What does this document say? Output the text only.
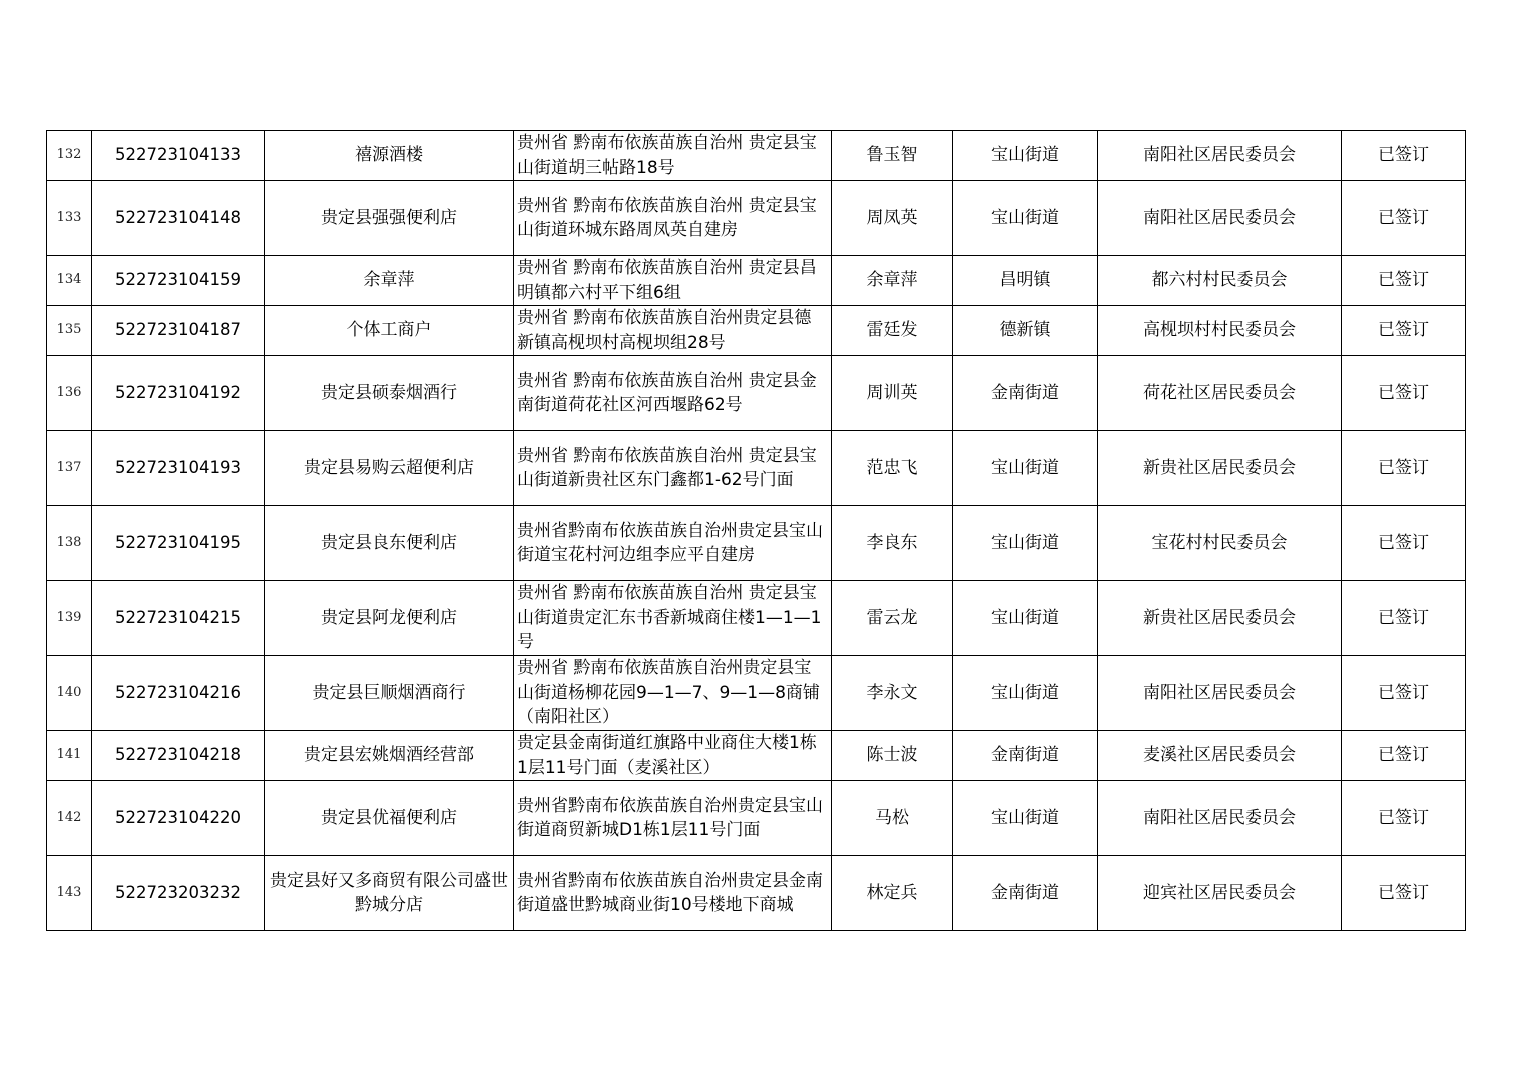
132	522723104133	禧源酒楼	贵州省 黔南布依族苗族自治州 贵定县宝山街道胡三帖路18号	鲁玉智	宝山街道	南阳社区居民委员会	已签订
133	522723104148	贵定县强强便利店	贵州省 黔南布依族苗族自治州 贵定县宝山街道环城东路周凤英自建房	周凤英	宝山街道	南阳社区居民委员会	已签订
134	522723104159	余章萍	贵州省 黔南布依族苗族自治州 贵定县昌明镇都六村平下组6组	余章萍	昌明镇	都六村村民委员会	已签订
135	522723104187	个体工商户	贵州省 黔南布依族苗族自治州贵定县德新镇高枧坝村高枧坝组28号	雷廷发	德新镇	高枧坝村村民委员会	已签订
136	522723104192	贵定县硕泰烟酒行	贵州省 黔南布依族苗族自治州 贵定县金南街道荷花社区河西堰路62号	周训英	金南街道	荷花社区居民委员会	已签订
137	522723104193	贵定县易购云超便利店	贵州省 黔南布依族苗族自治州 贵定县宝山街道新贵社区东门鑫都1-62号门面	范忠飞	宝山街道	新贵社区居民委员会	已签订
138	522723104195	贵定县良东便利店	贵州省黔南布依族苗族自治州贵定县宝山街道宝花村河边组李应平自建房	李良东	宝山街道	宝花村村民委员会	已签订
139	522723104215	贵定县阿龙便利店	贵州省 黔南布依族苗族自治州 贵定县宝山街道贵定汇东书香新城商住楼1—1—1号	雷云龙	宝山街道	新贵社区居民委员会	已签订
140	522723104216	贵定县巨顺烟酒商行	贵州省 黔南布依族苗族自治州贵定县宝山街道杨柳花园9—1—7、9—1—8商铺（南阳社区）	李永文	宝山街道	南阳社区居民委员会	已签订
141	522723104218	贵定县宏姚烟酒经营部	贵定县金南街道红旗路中业商住大楼1栋1层11号门面（麦溪社区）	陈士波	金南街道	麦溪社区居民委员会	已签订
142	522723104220	贵定县优福便利店	贵州省黔南布依族苗族自治州贵定县宝山街道商贸新城D1栋1层11号门面	马松	宝山街道	南阳社区居民委员会	已签订
143	522723203232	贵定县好又多商贸有限公司盛世黔城分店	贵州省黔南布依族苗族自治州贵定县金南街道盛世黔城商业街10号楼地下商城	林定兵	金南街道	迎宾社区居民委员会	已签订
